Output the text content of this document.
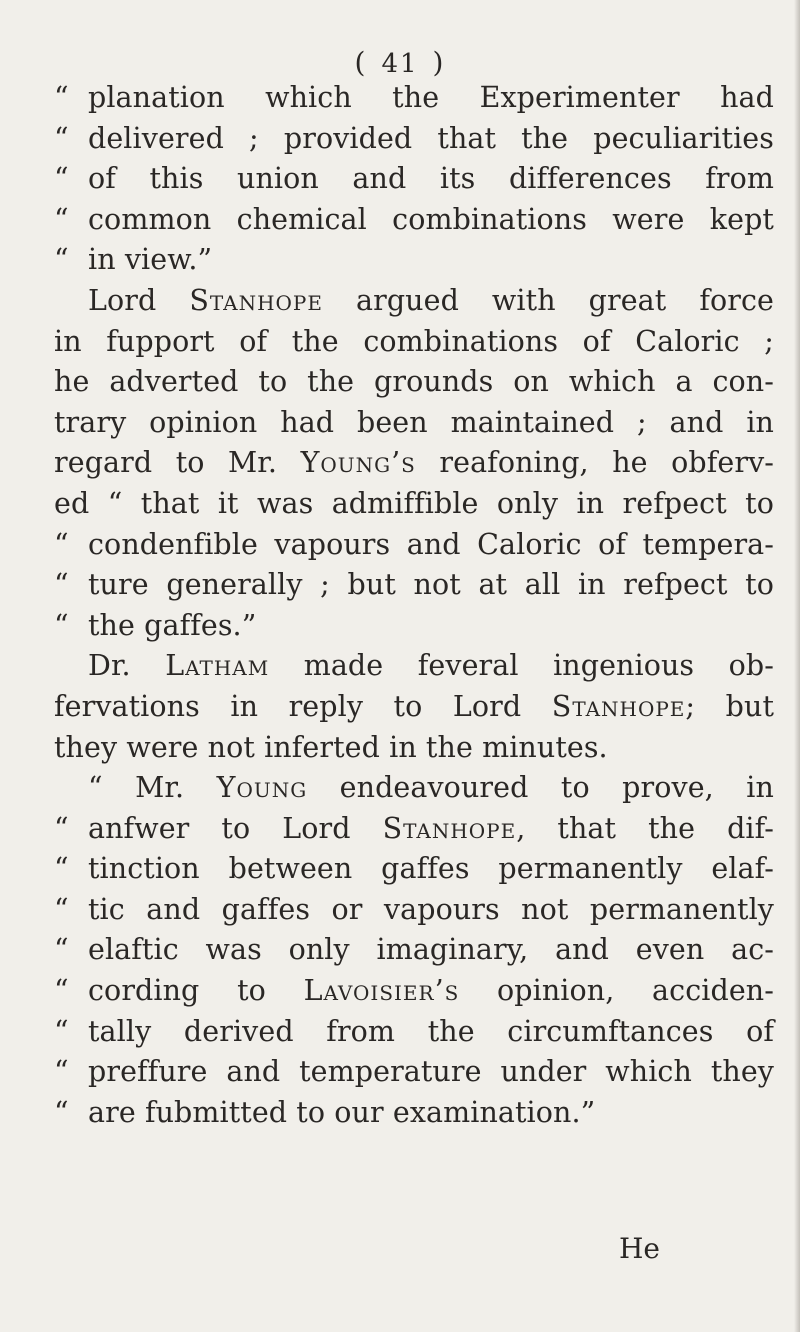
( 41 )
“ planation which the Experimenter had
“ delivered ; provided that the peculiarities
“ of this union and its differences from
“ common chemical combinations were kept
“ in view.”
Lord Stanhope argued with great force
in fupport of the combinations of Caloric ;
he adverted to the grounds on which a con-
trary opinion had been maintained ; and in
regard to Mr. Young’s reafoning, he obferv-
ed “ that it was admiffible only in refpect to
“ condenfible vapours and Caloric of tempera-
“ ture generally ; but not at all in refpect to
“ the gaffes.”
Dr. Latham made feveral ingenious ob-
fervations in reply to Lord Stanhope; but
they were not inferted in the minutes.
“ Mr. Young endeavoured to prove, in
“ anfwer to Lord Stanhope, that the dif-
“ tinction between gaffes permanently elaf-
“ tic and gaffes or vapours not permanently
“ elaftic was only imaginary, and even ac-
“ cording to Lavoisier’s opinion, acciden-
“ tally derived from the circumftances of
“ preffure and temperature under which they
“ are fubmitted to our examination.”
He
